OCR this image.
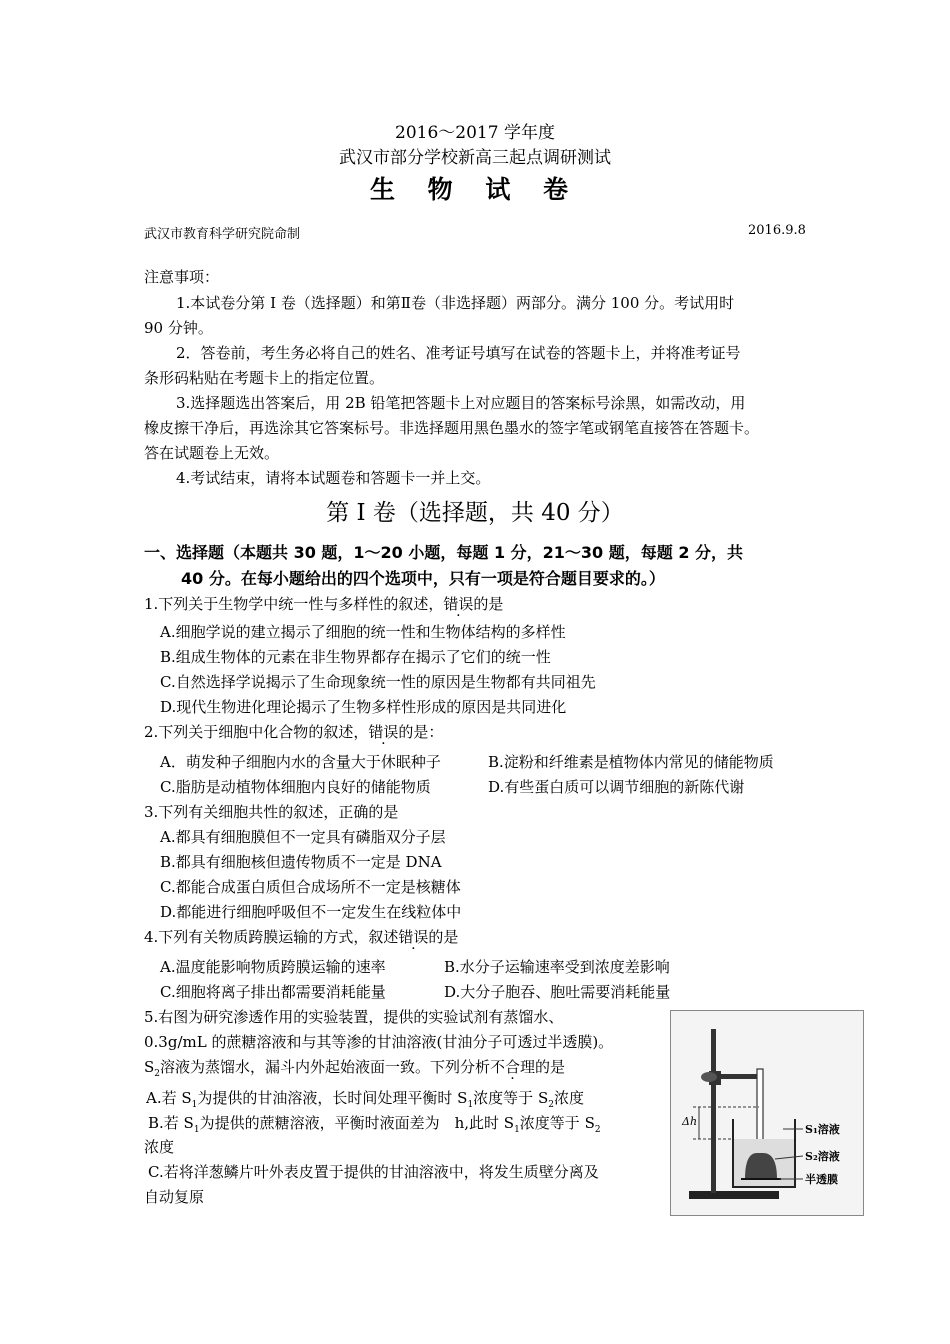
2016～2017 学年度
武汉市部分学校新高三起点调研测试
生 物 试 卷
武汉市教育科学研究院命制	2016.9.8
注意事项：
1.本试卷分第 I 卷（选择题）和第Ⅱ卷（非选择题）两部分。满分 100 分。考试用时
90 分钟。
2．答卷前，考生务必将自己的姓名、准考证号填写在试卷的答题卡上，并将准考证号
条形码粘贴在考题卡上的指定位置。
3.选择题选出答案后，用 2B 铅笔把答题卡上对应题目的答案标号涂黑，如需改动，用
橡皮擦干净后，再选涂其它答案标号。非选择题用黑色墨水的签字笔或钢笔直接答在答题卡。
答在试题卷上无效。
4.考试结束，请将本试题卷和答题卡一并上交。
第 I 卷（选择题，共 40 分）
一、选择题（本题共 30 题，1～20 小题，每题 1 分，21～30 题，每题 2 分，共
40 分。在每小题给出的四个选项中，只有一项是符合题目要求的。）
1.下列关于生物学中统一性与多样性的叙述，错误的是
A.细胞学说的建立揭示了细胞的统一性和生物体结构的多样性
B.组成生物体的元素在非生物界都存在揭示了它们的统一性
C.自然选择学说揭示了生命现象统一性的原因是生物都有共同祖先
D.现代生物进化理论揭示了生物多样性形成的原因是共同进化
2.下列关于细胞中化合物的叙述，错误的是：
A．萌发种子细胞内水的含量大于休眠种子	B.淀粉和纤维素是植物体内常见的储能物质
C.脂肪是动植物体细胞内良好的储能物质	D.有些蛋白质可以调节细胞的新陈代谢
3.下列有关细胞共性的叙述，正确的是
A.都具有细胞膜但不一定具有磷脂双分子层
B.都具有细胞核但遗传物质不一定是 DNA
C.都能合成蛋白质但合成场所不一定是核糖体
D.都能进行细胞呼吸但不一定发生在线粒体中
4.下列有关物质跨膜运输的方式，叙述错误的是
A.温度能影响物质跨膜运输的速率	B.水分子运输速率受到浓度差影响
C.细胞将离子排出都需要消耗能量	D.大分子胞吞、胞吐需要消耗能量
5.右图为研究渗透作用的实验装置，提供的实验试剂有蒸馏水、
0.3g/mL 的蔗糖溶液和与其等渗的甘油溶液(甘油分子可透过半透膜)。
$S_2$溶液为蒸馏水，漏斗内外起始液面一致。下列分析不合理的是
A.若 $S_1$为提供的甘油溶液，长时间处理平衡时 $S_1$浓度等于 $S_2$浓度
B.若 $S_1$为提供的蔗糖溶液，平衡时液面差为　h,此时 $S_1$浓度等于 $S_2$
浓度
C.若将洋葱鳞片叶外表皮置于提供的甘油溶液中，将发生质壁分离及
自动复原
Δh
S₁溶液
S₂溶液
半透膜
